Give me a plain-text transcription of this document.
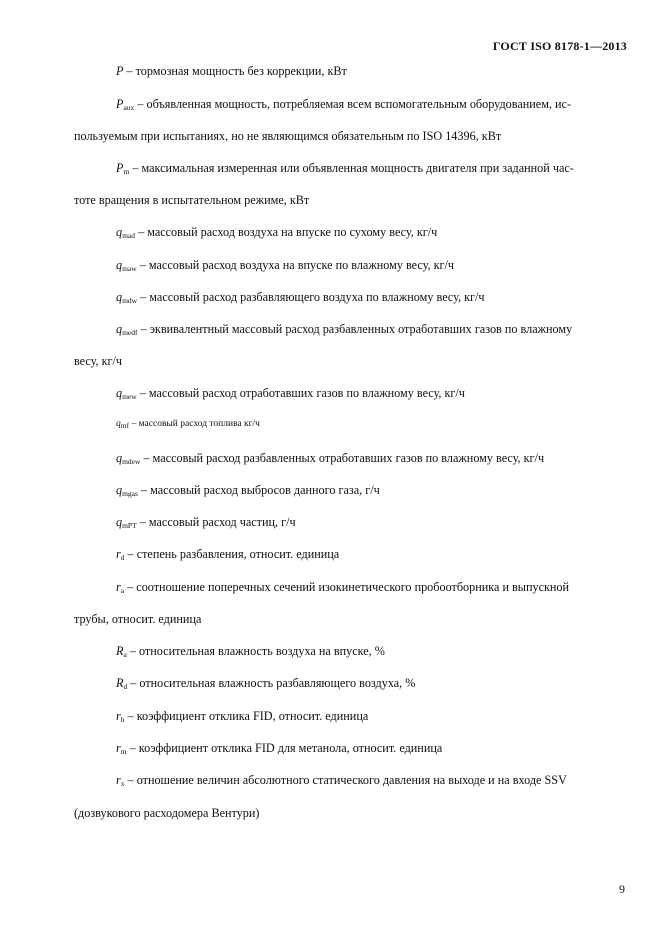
ГОСТ ISO 8178-1—2013
P – тормозная мощность без коррекции, кВт
$P_{aux}$ – объявленная мощность, потребляемая всем вспомогательным оборудованием, ис-
пользуемым при испытаниях, но не являющимся обязательным по ISO 14396, кВт
$P_m$ – максимальная измеренная или объявленная мощность двигателя при заданной час-
тоте вращения в испытательном режиме, кВт
$q_{mad}$ – массовый расход воздуха на впуске по сухому весу, кг/ч
$q_{maw}$ – массовый расход воздуха на впуске по влажному весу, кг/ч
$q_{mdw}$ – массовый расход разбавляющего воздуха по влажному весу, кг/ч
$q_{medf}$ – эквивалентный массовый расход разбавленных отработавших газов по влажному
весу, кг/ч
$q_{mew}$ – массовый расход отработавших газов по влажному весу, кг/ч
$q_{mf}$ – массовый расход топлива кг/ч
$q_{mdew}$ – массовый расход разбавленных отработавших газов по влажному весу, кг/ч
$q_{mgas}$ – массовый расход выбросов данного газа, г/ч
$q_{mPT}$ – массовый расход частиц, г/ч
$r_d$ – степень разбавления, относит. единица
$r_a$ – соотношение поперечных сечений изокинетического пробоотборника и выпускной
трубы, относит. единица
$R_a$ – относительная влажность воздуха на впуске, %
$R_d$ – относительная влажность разбавляющего воздуха, %
$r_h$ – коэффициент отклика FID, относит. единица
$r_m$ – коэффициент отклика FID для метанола, относит. единица
$r_x$ – отношение величин абсолютного статического давления на выходе и на входе SSV
(дозвукового расходомера Вентури)
9
